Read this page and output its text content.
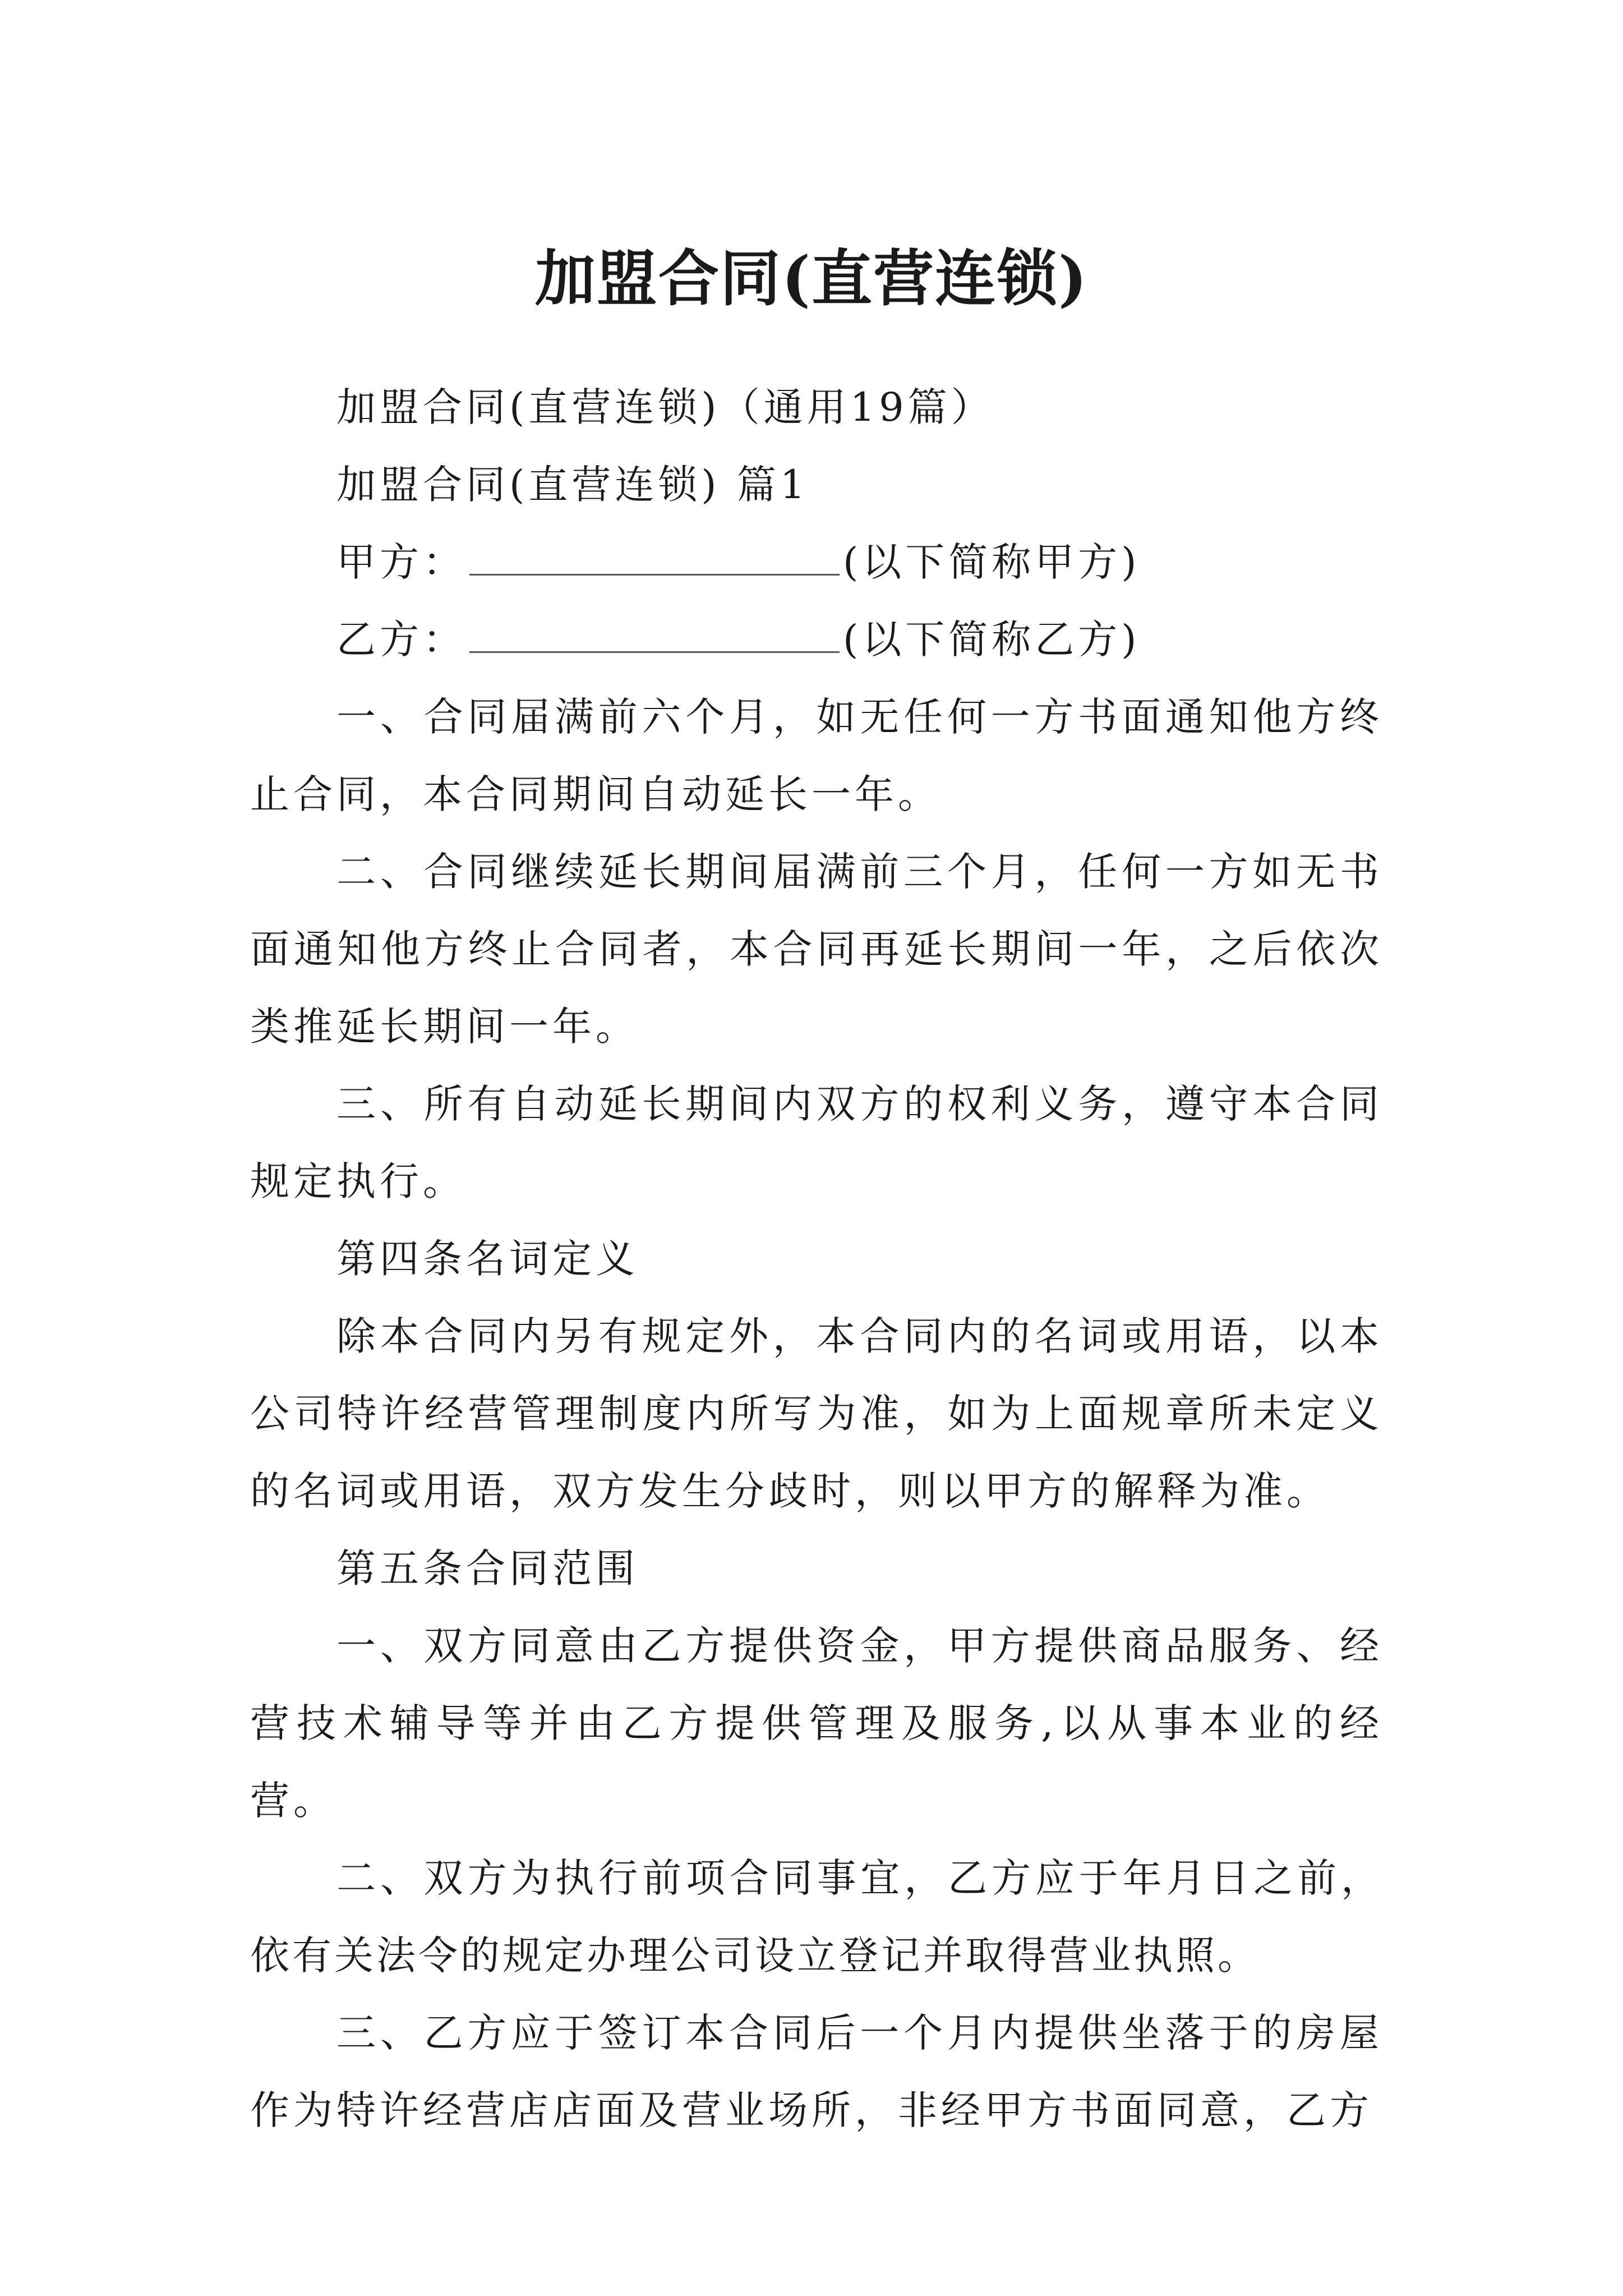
加盟合同(直营连锁)

加盟合同(直营连锁)（通用19篇）

加盟合同(直营连锁) 篇1

甲方：	(以下简称甲方)

乙方：	(以下简称乙方)

一、合同届满前六个月，如无任何一方书面通知他方终止合同，本合同期间自动延长一年。

二、合同继续延长期间届满前三个月，任何一方如无书面通知他方终止合同者，本合同再延长期间一年，之后依次类推延长期间一年。

三、所有自动延长期间内双方的权利义务，遵守本合同规定执行。

第四条名词定义

除本合同内另有规定外，本合同内的名词或用语，以本公司特许经营管理制度内所写为准，如为上面规章所未定义的名词或用语，双方发生分歧时，则以甲方的解释为准。

第五条合同范围

一、双方同意由乙方提供资金，甲方提供商品服务、经营技术辅导等并由乙方提供管理及服务,以从事本业的经营。

二、双方为执行前项合同事宜，乙方应于年月日之前，依有关法令的规定办理公司设立登记并取得营业执照。

三、乙方应于签订本合同后一个月内提供坐落于的房屋作为特许经营店店面及营业场所，非经甲方书面同意，乙方
